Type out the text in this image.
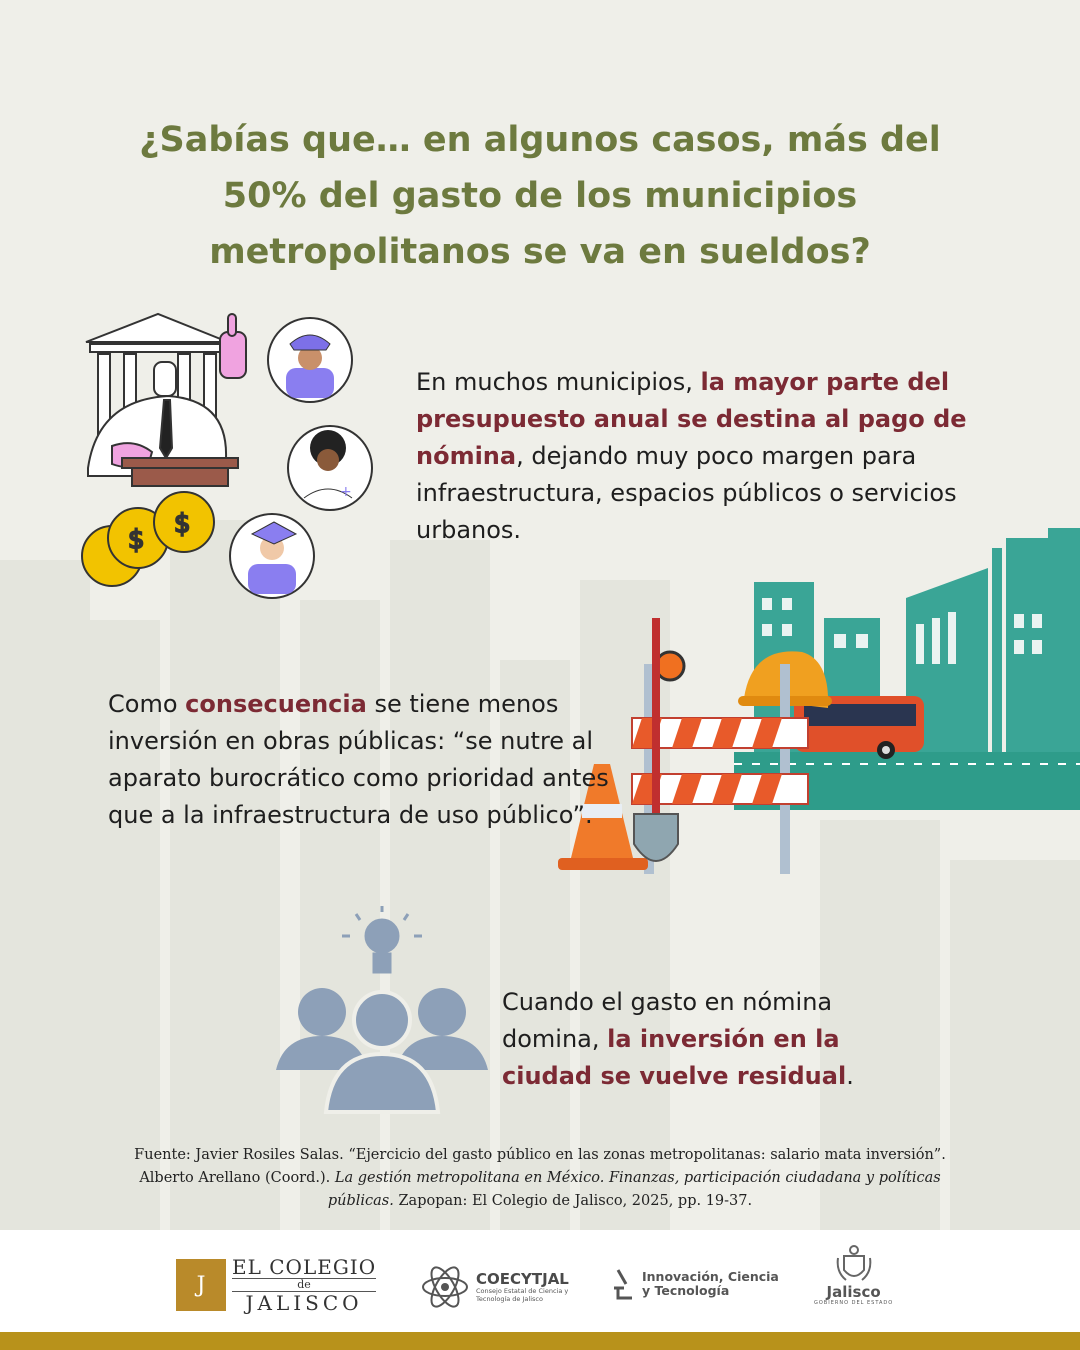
¿Sabías que… en algunos casos, más del 50% del gasto de los municipios metropolitanos se va en sueldos?
+
$
$

En muchos municipios, la mayor parte del presupuesto anual se destina al pago de nómina, dejando muy poco margen para infraestructura, espacios públicos o servicios urbanos.

Como consecuencia se tiene menos inversión en obras públicas: “se nutre al aparato burocrático como prioridad antes que a la infraestructura de uso público”.

Cuando el gasto en nómina domina, la inversión en la ciudad se vuelve residual.

Fuente: Javier Rosiles Salas. “Ejercicio del gasto público en las zonas metropolitanas: salario mata inversión”.
Alberto Arellano (Coord.). La gestión metropolitana en México. Finanzas, participación ciudadana y políticas públicas. Zapopan: El Colegio de Jalisco, 2025, pp. 19-37.
J
EL COLEGIO
de
JALISCO
COECYTJAL
Consejo Estatal de Ciencia y Tecnología de Jalisco
Innovación, Ciencia
y Tecnología	Jalisco
GOBIERNO DEL ESTADO
